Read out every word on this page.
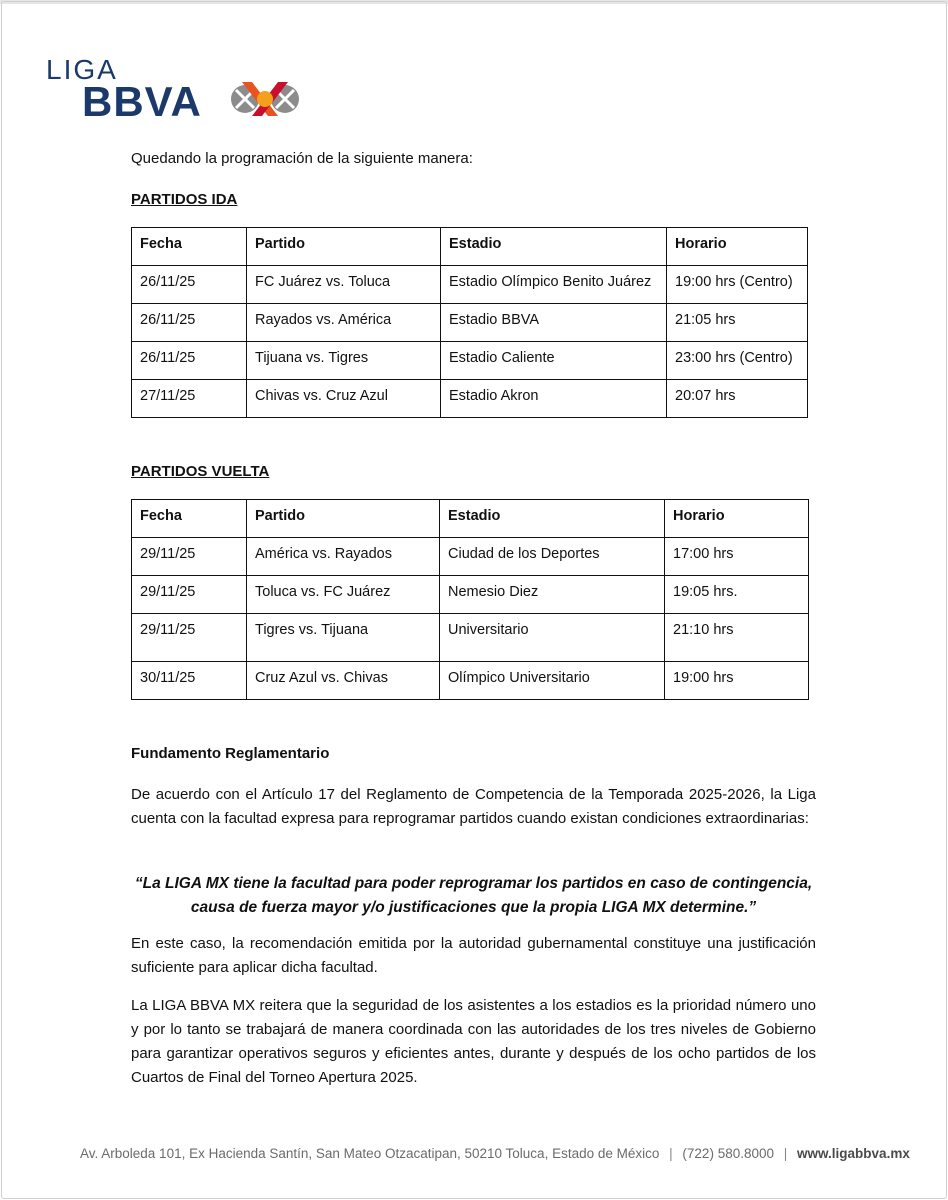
LIGA
BBVA
Quedando la programación de la siguiente manera:
PARTIDOS IDA
Fecha	Partido	Estadio	Horario
26/11/25	FC Juárez vs. Toluca	Estadio Olímpico Benito Juárez	19:00 hrs (Centro)
26/11/25	Rayados vs. América	Estadio BBVA	21:05 hrs
26/11/25	Tijuana vs. Tigres	Estadio Caliente	23:00 hrs (Centro)
27/11/25	Chivas vs. Cruz Azul	Estadio Akron	20:07 hrs
PARTIDOS VUELTA
Fecha	Partido	Estadio	Horario
29/11/25	América vs. Rayados	Ciudad de los Deportes	17:00 hrs
29/11/25	Toluca vs. FC Juárez	Nemesio Diez	19:05 hrs.
29/11/25	Tigres vs. Tijuana	Universitario	21:10 hrs
30/11/25	Cruz Azul vs. Chivas	Olímpico Universitario	19:00 hrs
Fundamento Reglamentario
De acuerdo con el Artículo 17 del Reglamento de Competencia de la Temporada 2025-2026, la Liga cuenta con la facultad expresa para reprogramar partidos cuando existan condiciones extraordinarias:
“La LIGA MX tiene la facultad para poder reprogramar los partidos en caso de contingencia,
causa de fuerza mayor y/o justificaciones que la propia LIGA MX determine.”
En este caso, la recomendación emitida por la autoridad gubernamental constituye una justificación suficiente para aplicar dicha facultad.
La LIGA BBVA MX reitera que la seguridad de los asistentes a los estadios es la prioridad número uno y por lo tanto se trabajará de manera coordinada con las autoridades de los tres niveles de Gobierno para garantizar operativos seguros y eficientes antes, durante y después de los ocho partidos de los Cuartos de Final del Torneo Apertura 2025.
Av. Arboleda 101, Ex Hacienda Santín, San Mateo Otzacatipan, 50210 Toluca, Estado de México | (722) 580.8000 | www.ligabbva.mx
